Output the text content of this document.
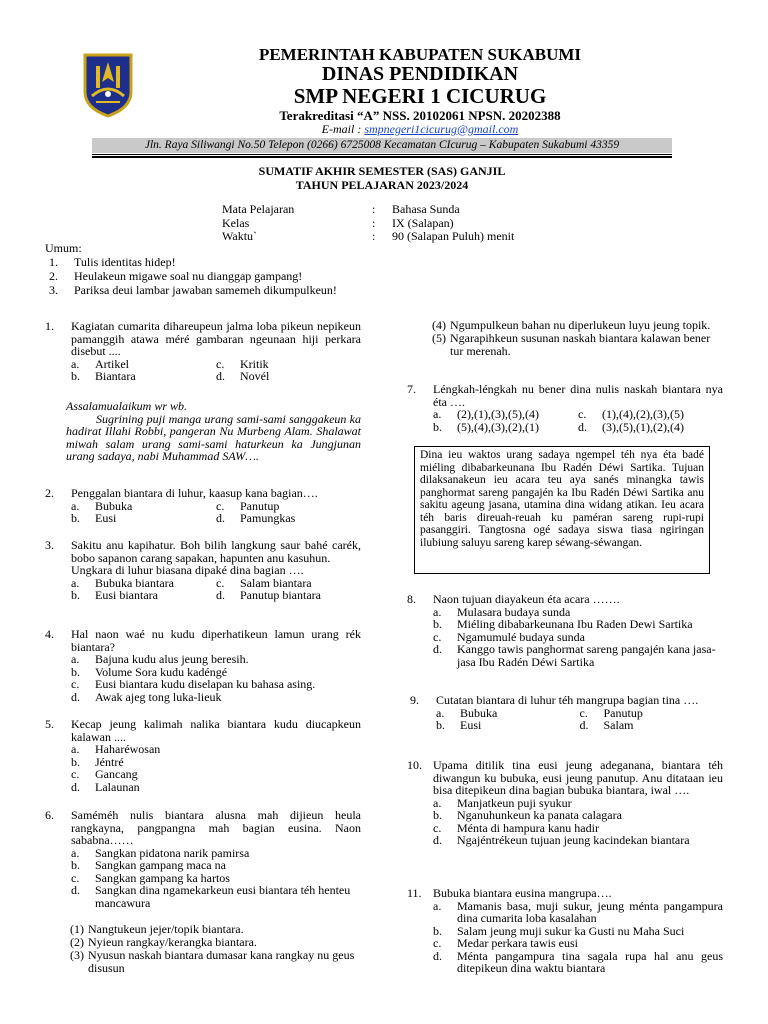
PEMERINTAH KABUPATEN SUKABUMI
DINAS PENDIDIKAN
SMP NEGERI 1 CICURUG
Terakreditasi “A” NSS. 20102061 NPSN. 20202388
E-mail : smpnegeri1cicurug@gmail.com
Jln. Raya Siliwangi No.50 Telepon (0266) 6725008 Kecamatan CIcurug – Kabupaten Sukabumi 43359
SUMATIF AKHIR SEMESTER (SAS) GANJIL
TAHUN PELAJARAN 2023/2024
Mata Pelajaran	:	Bahasa Sunda
Kelas	:	IX (Salapan)
Waktu`	:	90 (Salapan Puluh) menit
Umum:
1.	Tulis identitas hidep!
2.	Heulakeun migawe soal nu dianggap gampang!
3.	Pariksa deui lambar jawaban samemeh dikumpulkeun!
1.	Kagiatan cumarita dihareupeun jalma loba pikeun nepikeun pamanggih atawa méré gambaran ngeunaan hiji perkara disebut ....
a.	Artikel	c.	Kritik
b.	Biantara	d.	Novél
Assalamualaikum wr wb.
Sugrining puji manga urang sami-sami sanggakeun ka hadirat Illahi Robbi, pangeran Nu Murbeng Alam. Shalawat miwah salam urang sami-sami haturkeun ka Jungjunan urang sadaya, nabi Muhammad SAW….
2.	Penggalan biantara di luhur, kaasup kana bagian….
a.	Bubuka	c.	Panutup
b.	Eusi	d.	Pamungkas
3.	Sakitu anu kapihatur. Boh bilih langkung saur bahé carék, bobo sapanon carang sapakan, hapunten anu kasuhun.
Ungkara di luhur biasana dipaké dina bagian ….
a.	Bubuka biantara	c.	Salam biantara
b.	Eusi biantara	d.	Panutup biantara
4.	Hal naon waé nu kudu diperhatikeun lamun urang rék biantara?
a.	Bajuna kudu alus jeung beresih.
b.	Volume Sora kudu kadéngé
c.	Eusi biantara kudu diselapan ku bahasa asing.
d.	Awak ajeg tong luka-lieuk
5.	Kecap jeung kalimah nalika biantara kudu diucapkeun kalawan ....
a.	Haharéwosan
b.	Jéntré
c.	Gancang
d.	Lalaunan
6.	Saméméh nulis biantara alusna mah dijieun heula rangkayna, pangpangna mah bagian eusina. Naon sababna……
a.	Sangkan pidatona narik pamirsa
b.	Sangkan gampang maca na
c.	Sangkan gampang ka hartos
d.	Sangkan dina ngamekarkeun eusi biantara téh henteu mancawura
(1) Nangtukeun jejer/topik biantara.
(2) Nyieun rangkay/kerangka biantara.
(3) Nyusun naskah biantara dumasar kana rangkay nu geus disusun
(4) Ngumpulkeun bahan nu diperlukeun luyu jeung topik.
(5) Ngarapihkeun susunan naskah biantara kalawan bener tur merenah.
7.	Léngkah-léngkah nu bener dina nulis naskah biantara nya éta ….
a.	(2),(1),(3),(5),(4)	c.	(1),(4),(2),(3),(5)
b.	(5),(4),(3),(2),(1)	d.	(3),(5),(1),(2),(4)
Dina ieu waktos urang sadaya ngempel téh nya éta badé miéling dibabarkeunana Ibu Radén Déwi Sartika. Tujuan dilaksanakeun ieu acara teu aya sanés minangka tawis panghormat sareng pangajén ka Ibu Radén Déwi Sartika anu sakitu ageung jasana, utamina dina widang atikan. Ieu acara téh baris direuah-reuah ku paméran sareng rupi-rupi pasanggiri. Tangtosna ogé sadaya siswa tiasa ngiringan ilubiung saluyu sareng karep séwang-séwangan.
8.	Naon tujuan diayakeun éta acara …….
a.	Mulasara budaya sunda
b.	Miéling dibabarkeunana Ibu Raden Dewi Sartika
c.	Ngamumulé budaya sunda
d.	Kanggo tawis panghormat sareng pangajén kana jasa-jasa Ibu Radén Déwi Sartika
9.	Cutatan biantara di luhur téh mangrupa bagian tina ….
a.	Bubuka	c.	Panutup
b.	Eusi	d.	Salam
10. Upama ditilik tina eusi jeung adeganana, biantara téh diwangun ku bubuka, eusi jeung panutup. Anu ditataan ieu bisa ditepikeun dina bagian bubuka biantara, iwal ….
a.	Manjatkeun puji syukur
b.	Nganuhunkeun ka panata calagara
c.	Ménta di hampura kanu hadir
d.	Ngajéntrékeun tujuan jeung kacindekan biantara
11. Bubuka biantara eusina mangrupa….
a.	Mamanis basa, muji sukur, jeung ménta pangampura dina cumarita loba kasalahan
b.	Salam jeung muji sukur ka Gusti nu Maha Suci
c.	Medar perkara tawis eusi
d.	Ménta pangampura tina sagala rupa hal anu geus ditepikeun dina waktu biantara
